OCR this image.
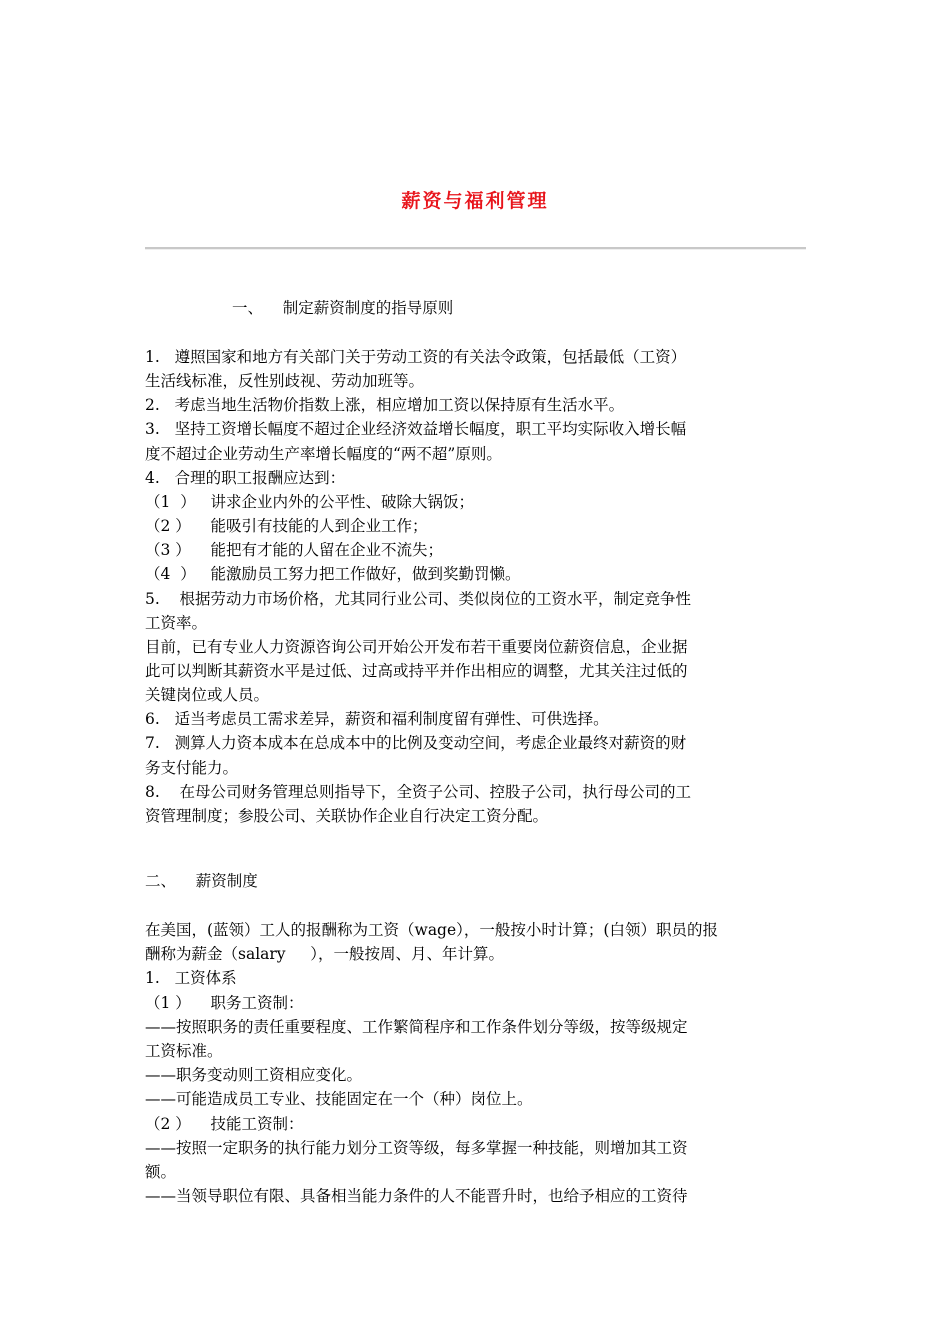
薪资与福利管理

一、    制定薪资制度的指导原则

1.   遵照国家和地方有关部门关于劳动工资的有关法令政策，包括最低（工资）

生活线标准，反性别歧视、劳动加班等。

2.   考虑当地生活物价指数上涨，相应增加工资以保持原有生活水平。

3.   坚持工资增长幅度不超过企业经济效益增长幅度，职工平均实际收入增长幅

度不超过企业劳动生产率增长幅度的“两不超”原则。

4.   合理的职工报酬应达到：

（1  ）   讲求企业内外的公平性、破除大锅饭；

（2 ）    能吸引有技能的人到企业工作；

（3 ）    能把有才能的人留在企业不流失；

（4  ）   能激励员工努力把工作做好，做到奖勤罚懒。

5.    根据劳动力市场价格，尤其同行业公司、类似岗位的工资水平，制定竞争性

工资率。

目前，已有专业人力资源咨询公司开始公开发布若干重要岗位薪资信息，企业据

此可以判断其薪资水平是过低、过高或持平并作出相应的调整，尤其关注过低的

关键岗位或人员。

6.   适当考虑员工需求差异，薪资和福利制度留有弹性、可供选择。

7.   测算人力资本成本在总成本中的比例及变动空间，考虑企业最终对薪资的财

务支付能力。

8.    在母公司财务管理总则指导下，全资子公司、控股子公司，执行母公司的工

资管理制度；参股公司、关联协作企业自行决定工资分配。

二、    薪资制度

在美国，(蓝领）工人的报酬称为工资（wage），一般按小时计算；(白领）职员的报

酬称为薪金（salary     ），一般按周、月、年计算。

1.   工资体系

（1 ）    职务工资制：

——按照职务的责任重要程度、工作繁简程序和工作条件划分等级，按等级规定

工资标准。

——职务变动则工资相应变化。

——可能造成员工专业、技能固定在一个（种）岗位上。

（2 ）    技能工资制：

——按照一定职务的执行能力划分工资等级，每多掌握一种技能，则增加其工资

额。

——当领导职位有限、具备相当能力条件的人不能晋升时，也给予相应的工资待
